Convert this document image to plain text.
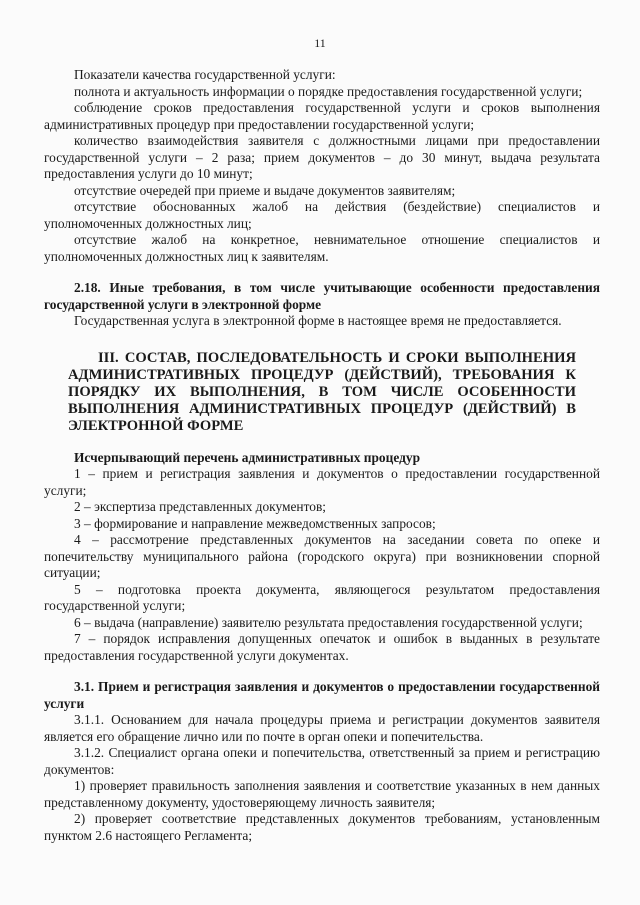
11

Показатели качества государственной услуги:

полнота и актуальность информации о порядке предоставления государственной услуги;

соблюдение сроков предоставления государственной услуги и сроков выполнения административных процедур при предоставлении государственной услуги;

количество взаимодействия заявителя с должностными лицами при предоставлении государственной услуги – 2 раза; прием документов – до 30 минут, выдача результата предоставления услуги до 10 минут;

отсутствие очередей при приеме и выдаче документов заявителям;

отсутствие обоснованных жалоб на действия (бездействие) специалистов и уполномоченных должностных лиц;

отсутствие жалоб на конкретное, невнимательное отношение специалистов и уполномоченных должностных лиц к заявителям.

2.18. Иные требования, в том числе учитывающие особенности предоставления государственной услуги в электронной форме

Государственная услуга в электронной форме в настоящее время не предоставляется.

III. СОСТАВ, ПОСЛЕДОВАТЕЛЬНОСТЬ И СРОКИ ВЫПОЛНЕНИЯ АДМИНИСТРАТИВНЫХ ПРОЦЕДУР (ДЕЙСТВИЙ), ТРЕБОВАНИЯ К ПОРЯДКУ ИХ ВЫПОЛНЕНИЯ, В ТОМ ЧИСЛЕ ОСОБЕННОСТИ ВЫПОЛНЕНИЯ АДМИНИСТРАТИВНЫХ ПРОЦЕДУР (ДЕЙСТВИЙ) В ЭЛЕКТРОННОЙ ФОРМЕ

Исчерпывающий перечень административных процедур

1 – прием и регистрация заявления и документов о предоставлении государственной услуги;

2 – экспертиза представленных документов;

3 – формирование и направление межведомственных запросов;

4 – рассмотрение представленных документов на заседании совета по опеке и попечительству муниципального района (городского округа) при возникновении спорной ситуации;

5 – подготовка проекта документа, являющегося результатом предоставления государственной услуги;

6 – выдача (направление) заявителю результата предоставления государственной услуги;

7 – порядок исправления допущенных опечаток и ошибок в выданных в результате предоставления государственной услуги документах.

3.1. Прием и регистрация заявления и документов о предоставлении государственной услуги

3.1.1. Основанием для начала процедуры приема и регистрации документов заявителя является его обращение лично или по почте в орган опеки и попечительства.

3.1.2. Специалист органа опеки и попечительства, ответственный за прием и регистрацию документов:

1) проверяет правильность заполнения заявления и соответствие указанных в нем данных представленному документу, удостоверяющему личность заявителя;

2) проверяет соответствие представленных документов требованиям, установленным пунктом 2.6 настоящего Регламента;
